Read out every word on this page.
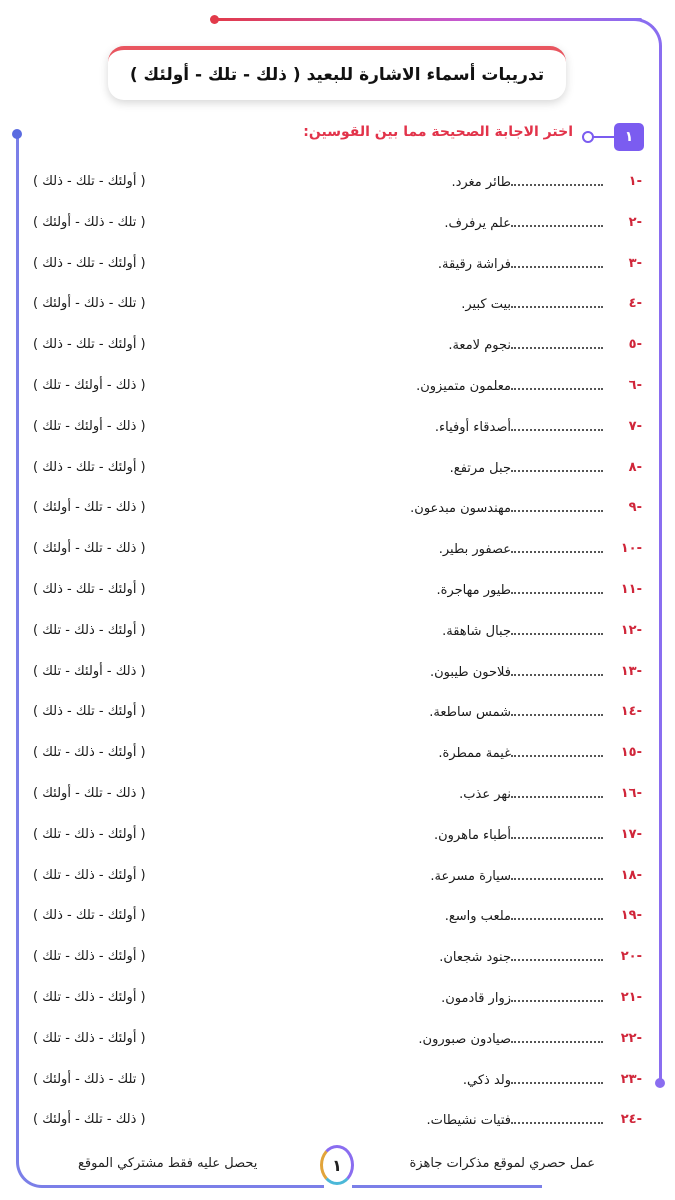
تدريبات أسماء الاشارة للبعيد ( ذلك - تلك - أولئك )
١
اختر الاجابة الصحيحة مما بين القوسين:
-١
طائر مغرد.
( أولئك - تلك - ذلك )
-٢
علم يرفرف.
( تلك - ذلك - أولئك )
-٣
فراشة رقيقة.
( أولئك - تلك - ذلك )
-٤
بيت كبير.
( تلك - ذلك - أولئك )
-٥
نجوم لامعة.
( أولئك - تلك - ذلك )
-٦
معلمون متميزون.
( ذلك - أولئك - تلك )
-٧
أصدقاء أوفياء.
( ذلك - أولئك - تلك )
-٨
جبل مرتفع.
( أولئك - تلك - ذلك )
-٩
مهندسون مبدعون.
( ذلك - تلك - أولئك )
-١٠
عصفور بطير.
( ذلك - تلك - أولئك )
-١١
طيور مهاجرة.
( أولئك - تلك - ذلك )
-١٢
جبال شاهقة.
( أولئك - ذلك - تلك )
-١٣
فلاحون طيبون.
( ذلك - أولئك - تلك )
-١٤
شمس ساطعة.
( أولئك - تلك - ذلك )
-١٥
غيمة ممطرة.
( أولئك - ذلك - تلك )
-١٦
نهر عذب.
( ذلك - تلك - أولئك )
-١٧
أطباء ماهرون.
( أولئك - ذلك - تلك )
-١٨
سيارة مسرعة.
( أولئك - ذلك - تلك )
-١٩
ملعب واسع.
( أولئك - تلك - ذلك )
-٢٠
جنود شجعان.
( أولئك - ذلك - تلك )
-٢١
زوار قادمون.
( أولئك - ذلك - تلك )
-٢٢
صيادون صبورون.
( أولئك - ذلك - تلك )
-٢٣
ولد ذكي.
( تلك - ذلك - أولئك )
-٢٤
فتيات نشيطات.
( ذلك - تلك - أولئك )
عمل حصري لموقع مذكرات جاهزة
١
يحصل عليه فقط مشتركي الموقع
